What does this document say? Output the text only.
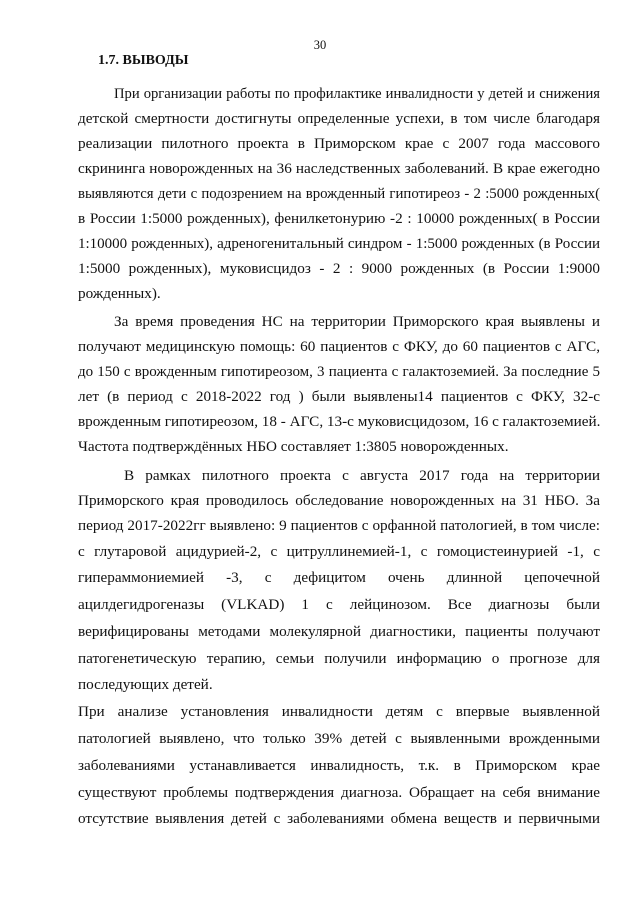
30
1.7. ВЫВОДЫ
При организации работы по профилактике инвалидности у детей и снижения
детской смертности достигнуты определенные успехи, в том числе благодаря
реализации пилотного проекта в Приморском крае с 2007 года массового
скрининга новорожденных на 36 наследственных заболеваний. В крае ежегодно
выявляются дети с подозрением на врожденный гипотиреоз - 2 :5000 рожденных(
в России 1:5000 рожденных), фенилкетонурию -2 : 10000 рожденных( в России
1:10000 рожденных), адреногенитальный синдром - 1:5000 рожденных (в России
1:5000 рожденных), муковисцидоз - 2 : 9000 рожденных (в России 1:9000
рожденных).
За время проведения НС на территории Приморского края выявлены и
получают медицинскую помощь: 60 пациентов с ФКУ, до 60 пациентов с АГС,
до 150 с врожденным гипотиреозом, 3 пациента с галактоземией. За последние 5
лет (в период с 2018-2022 год ) были выявлены14 пациентов с ФКУ, 32-с
врожденным гипотиреозом, 18 - АГС, 13-с муковисцидозом, 16 с галактоземией.
Частота подтверждённых НБО составляет 1:3805 новорожденных.
В рамках пилотного проекта с августа 2017 года на территории
Приморского края проводилось обследование новорожденных на 31 НБО. За
период 2017-2022гг выявлено: 9 пациентов с орфанной патологией, в том числе:
с глутаровой ацидурией-2, с цитруллинемией-1, с гомоцистеинурией -1, с
гипераммониемией -3, с дефицитом очень длинной цепочечной
ацилдегидрогеназы (VLKAD) 1 с лейцинозом. Все диагнозы были
верифицированы методами молекулярной диагностики, пациенты получают
патогенетическую терапию, семьи получили информацию о прогнозе для
последующих детей.
При анализе установления инвалидности детям с впервые выявленной
патологией выявлено, что только 39% детей с выявленными врожденными
заболеваниями устанавливается инвалидность, т.к. в Приморском крае
существуют проблемы подтверждения диагноза. Обращает на себя внимание
отсутствие выявления детей с заболеваниями обмена веществ и первичными
